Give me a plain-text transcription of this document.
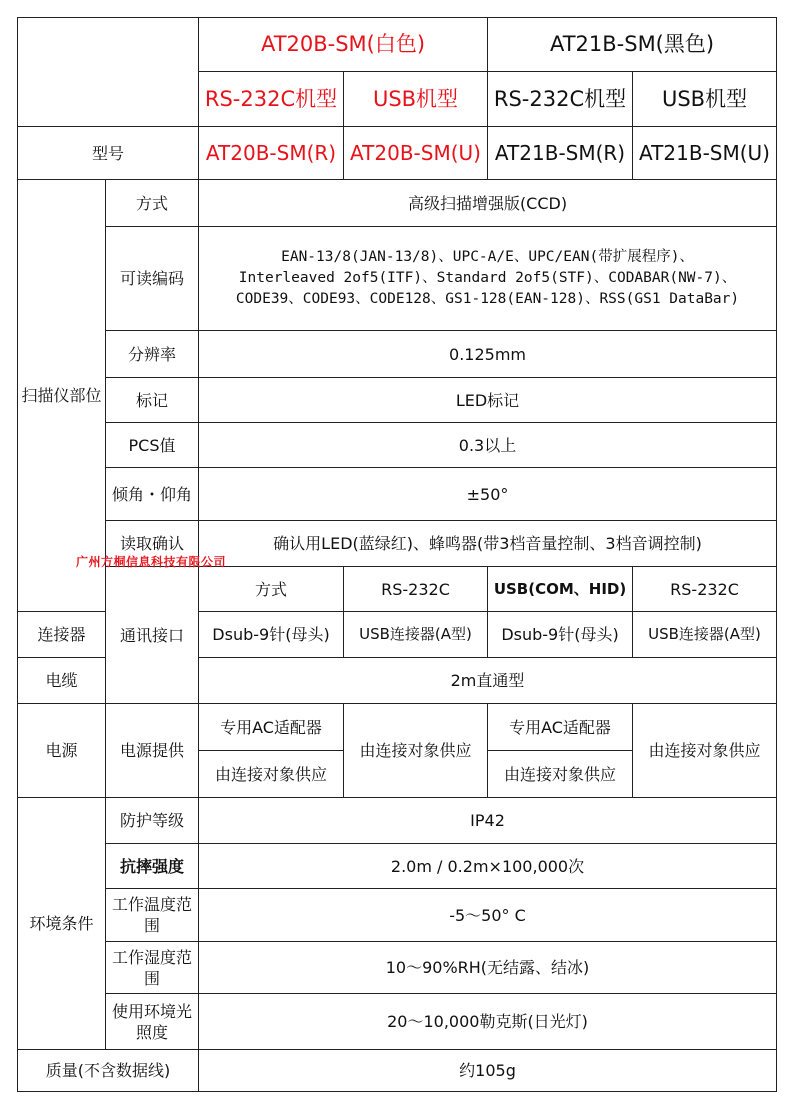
		AT20B-SM(白色)		AT21B-SM(黑色)		
		RS-232C机型	USB机型	RS-232C机型	USB机型	
型号		AT20B-SM(R)	AT20B-SM(U)	AT21B-SM(R)	AT21B-SM(U)	
扫描仪部位	方式	高级扫描增强版(CCD)				
	可读编码	EAN-13/8(JAN-13/8)、UPC-A/E、UPC/EAN(带扩展程序)、
Interleaved 2of5(ITF)、Standard 2of5(STF)、CODABAR(NW-7)、
CODE39、CODE93、CODE128、GS1-128(EAN-128)、RSS(GS1 DataBar)				

	分辨率	0.125mm				
	标记	LED标记				
	PCS值	0.3以上				
	倾角・仰角	±50°				
	读取确认	确认用LED(蓝绿红)、蜂鸣器(带3档音量控制、3档音调控制)				
	通讯接口	方式	RS-232C	USB(COM、HID)	RS-232C	
连接器		Dsub-9针(母头)	USB连接器(A型)	Dsub-9针(母头)	USB连接器(A型)	
电缆		2m直通型				
电源	电源提供	专用AC适配器	由连接对象供应	专用AC适配器	由连接对象供应	
		由连接对象供应		由连接对象供应		
环境条件	防护等级	IP42				
	抗摔强度	2.0m / 0.2m×100,000次				
	工作温度范围	-5～50° C				
	工作湿度范围	10～90%RH(无结露、结冰)				
	使用环境光照度	20～10,000勒克斯(日光灯)				
质量(不含数据线)		约105g				
广州方桐信息科技有限公司
